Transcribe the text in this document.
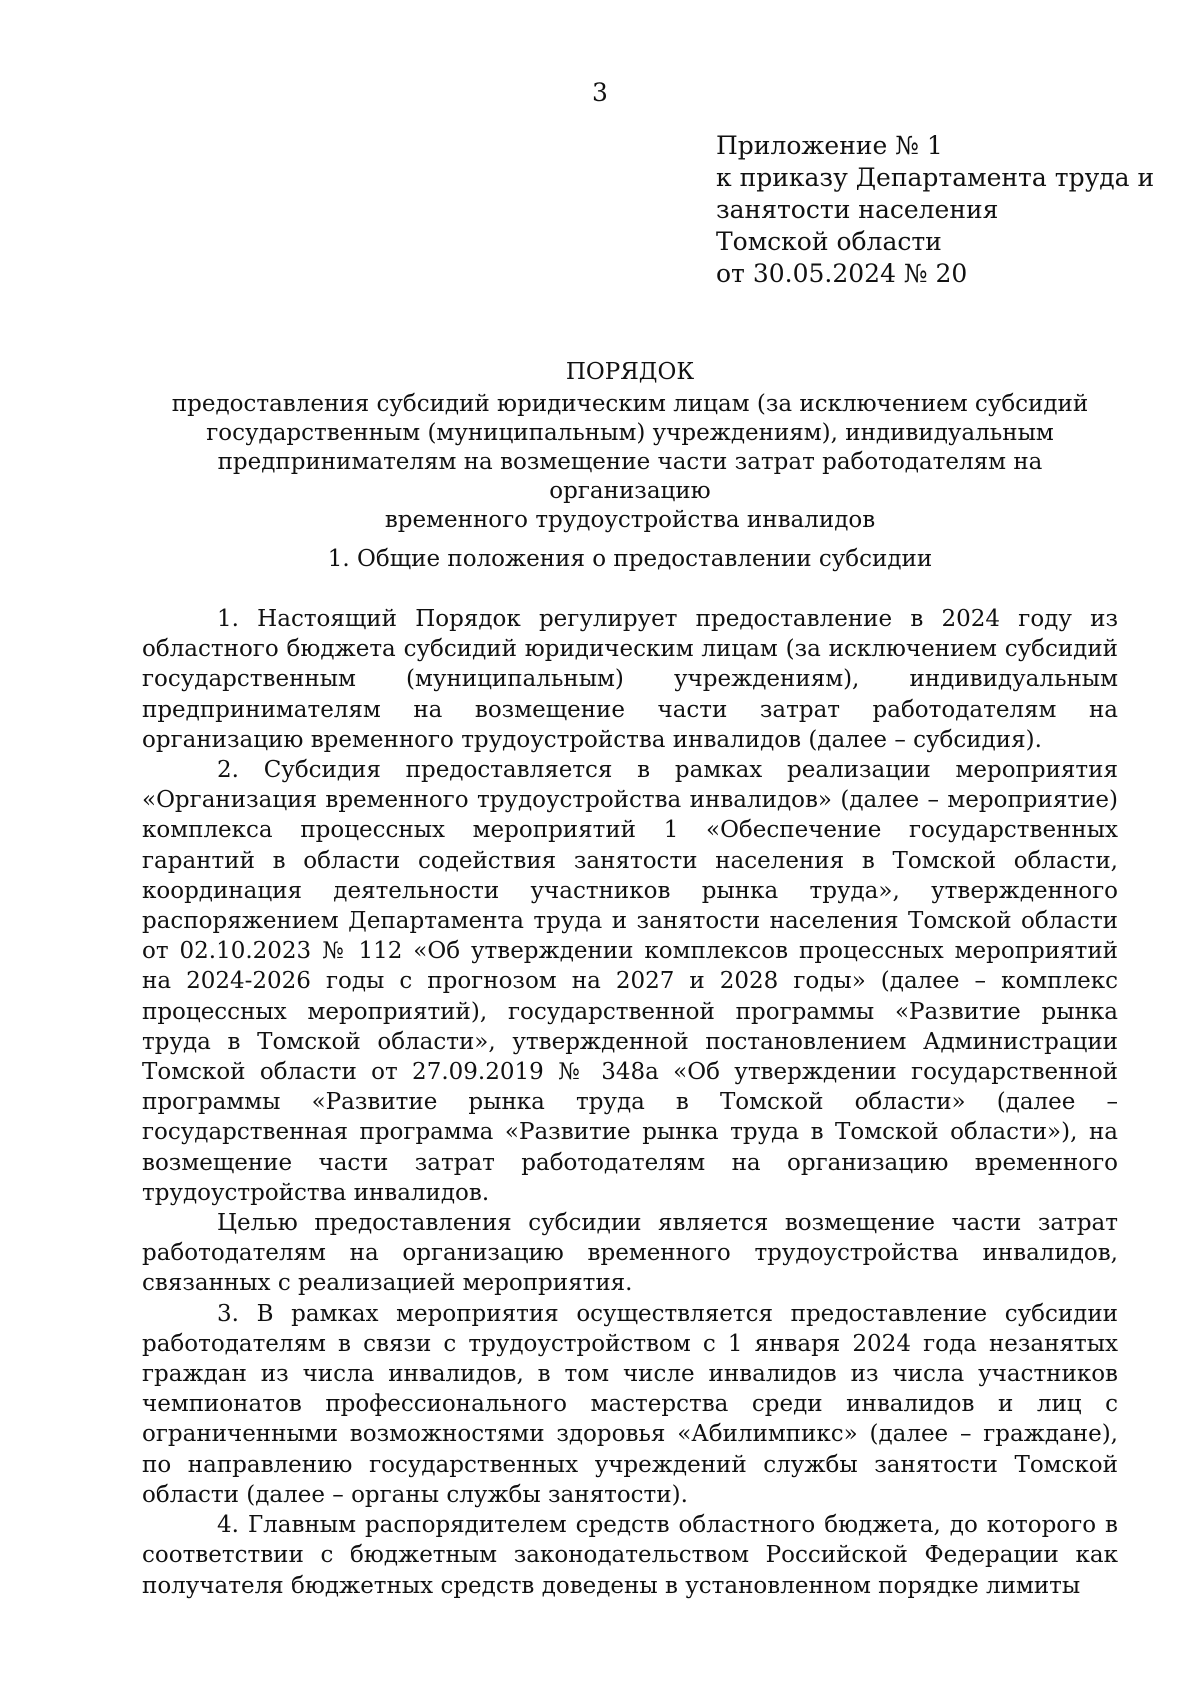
3
Приложение № 1
к приказу Департамента труда и
занятости населения
Томской области
от 30.05.2024 № 20
ПОРЯДОК
предоставления субсидий юридическим лицам (за исключением субсидий
государственным (муниципальным) учреждениям), индивидуальным
предпринимателям на возмещение части затрат работодателям на организацию
временного трудоустройства инвалидов
1. Общие положения о предоставлении субсидии

1. Настоящий Порядок регулирует предоставление в 2024 году из областного бюджета субсидий юридическим лицам (за исключением субсидий государственным (муниципальным) учреждениям), индивидуальным предпринимателям на возмещение части затрат работодателям на организацию временного трудоустройства инвалидов (далее – субсидия).

2. Субсидия предоставляется в рамках реализации мероприятия «Организация временного трудоустройства инвалидов» (далее – мероприятие) комплекса процессных мероприятий 1 «Обеспечение государственных гарантий в области содействия занятости населения в Томской области, координация деятельности участников рынка труда», утвержденного распоряжением Департамента труда и занятости населения Томской области от 02.10.2023 № 112 «Об утверждении комплексов процессных мероприятий на 2024-2026 годы с прогнозом на 2027 и 2028 годы» (далее – комплекс процессных мероприятий), государственной программы «Развитие рынка труда в Томской области», утвержденной постановлением Администрации Томской области от 27.09.2019 № 348а «Об утверждении государственной программы «Развитие рынка труда в Томской области» (далее – государственная программа «Развитие рынка труда в Томской области»), на возмещение части затрат работодателям на организацию временного трудоустройства инвалидов.

Целью предоставления субсидии является возмещение части затрат работодателям на организацию временного трудоустройства инвалидов, связанных с реализацией мероприятия.

3. В рамках мероприятия осуществляется предоставление субсидии работодателям в связи с трудоустройством с 1 января 2024 года незанятых граждан из числа инвалидов, в том числе инвалидов из числа участников чемпионатов профессионального мастерства среди инвалидов и лиц с ограниченными возможностями здоровья «Абилимпикс» (далее – граждане), по направлению государственных учреждений службы занятости Томской области (далее – органы службы занятости).

4. Главным распорядителем средств областного бюджета, до которого в соответствии с бюджетным законодательством Российской Федерации как получателя бюджетных средств доведены в установленном порядке лимиты
